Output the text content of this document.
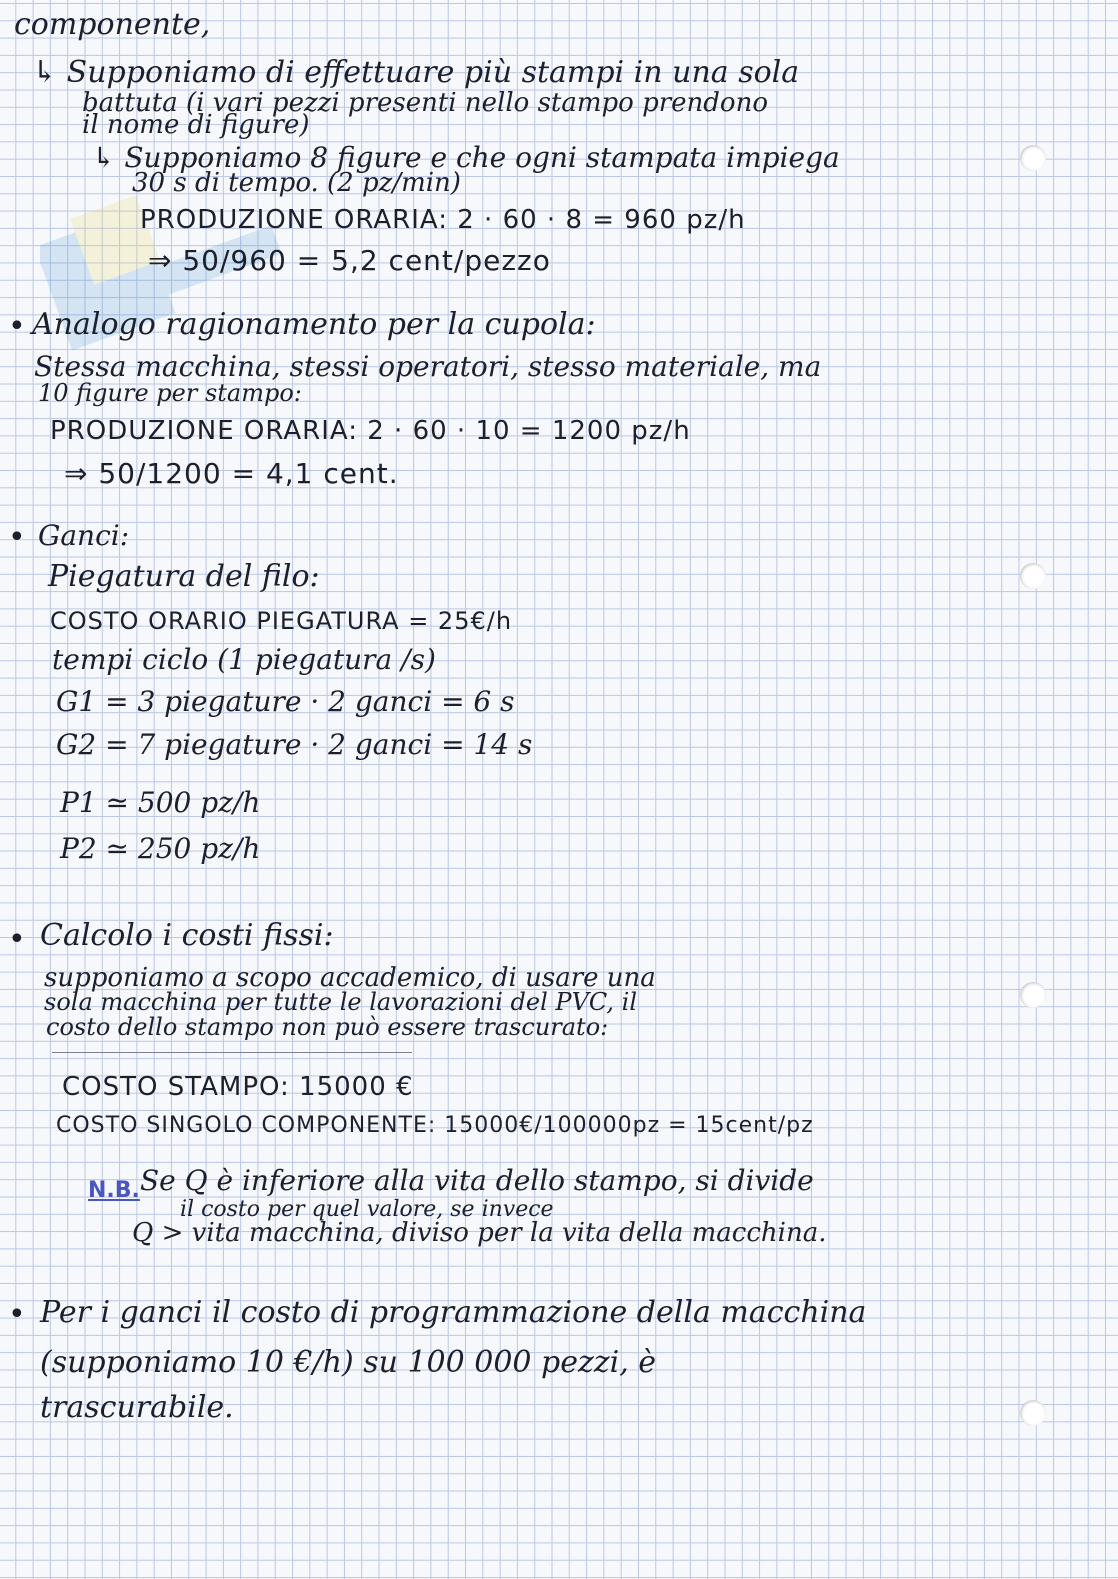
componente,
↳ Supponiamo di effettuare più stampi in una sola
battuta (i vari pezzi presenti nello stampo prendono
il nome di figure)
↳ Supponiamo 8 figure e che ogni stampata impiega
30 s di tempo. (2 pz/min)
PRODUZIONE ORARIA: 2 · 60 · 8 = 960 pz/h
⇒ 50/960 = 5,2 cent/pezzo
• Analogo ragionamento per la cupola:
Stessa macchina, stessi operatori, stesso materiale, ma
10 figure per stampo:
PRODUZIONE ORARIA: 2 · 60 · 10 = 1200 pz/h
⇒ 50/1200 = 4,1 cent.
• Ganci:
Piegatura del filo:
COSTO ORARIO PIEGATURA = 25€/h
tempi ciclo (1 piegatura /s)
G1 = 3 piegature · 2 ganci = 6 s
G2 = 7 piegature · 2 ganci = 14 s
P1 ≃ 500 pz/h
P2 ≃ 250 pz/h
• Calcolo i costi fissi:
supponiamo a scopo accademico, di usare una
sola macchina per tutte le lavorazioni del PVC, il
costo dello stampo non può essere trascurato:
COSTO STAMPO: 15000 €
COSTO SINGOLO COMPONENTE: 15000€/100000pz = 15cent/pz
N.B. Se Q è inferiore alla vita dello stampo, si divide
il costo per quel valore, se invece
Q > vita macchina, diviso per la vita della macchina.
• Per i ganci il costo di programmazione della macchina
(supponiamo 10 €/h) su 100 000 pezzi, è
trascurabile.
